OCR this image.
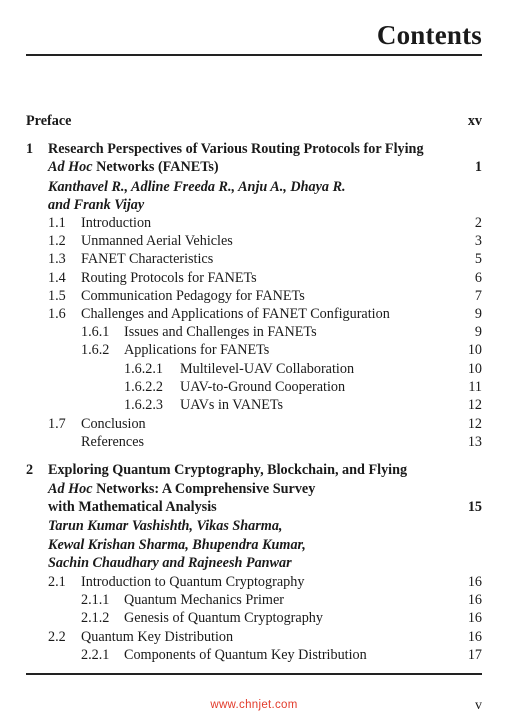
Contents
Preface	xv
1 Research Perspectives of Various Routing Protocols for Flying
Ad Hoc Networks (FANETs)	1
Kanthavel R., Adline Freeda R., Anju A., Dhaya R.
and Frank Vijay
1.1 Introduction	2
1.2 Unmanned Aerial Vehicles	3
1.3 FANET Characteristics	5
1.4 Routing Protocols for FANETs	6
1.5 Communication Pedagogy for FANETs	7
1.6 Challenges and Applications of FANET Configuration	9
1.6.1 Issues and Challenges in FANETs	9
1.6.2 Applications for FANETs	10
1.6.2.1 Multilevel-UAV Collaboration	10
1.6.2.2 UAV-to-Ground Cooperation	11
1.6.2.3 UAVs in VANETs	12
1.7 Conclusion	12
References	13
2 Exploring Quantum Cryptography, Blockchain, and Flying
Ad Hoc Networks: A Comprehensive Survey
with Mathematical Analysis	15
Tarun Kumar Vashishth, Vikas Sharma,
Kewal Krishan Sharma, Bhupendra Kumar,
Sachin Chaudhary and Rajneesh Panwar
2.1 Introduction to Quantum Cryptography	16
2.1.1 Quantum Mechanics Primer	16
2.1.2 Genesis of Quantum Cryptography	16
2.2 Quantum Key Distribution	16
2.2.1 Components of Quantum Key Distribution	17
www.chnjet.com	v
